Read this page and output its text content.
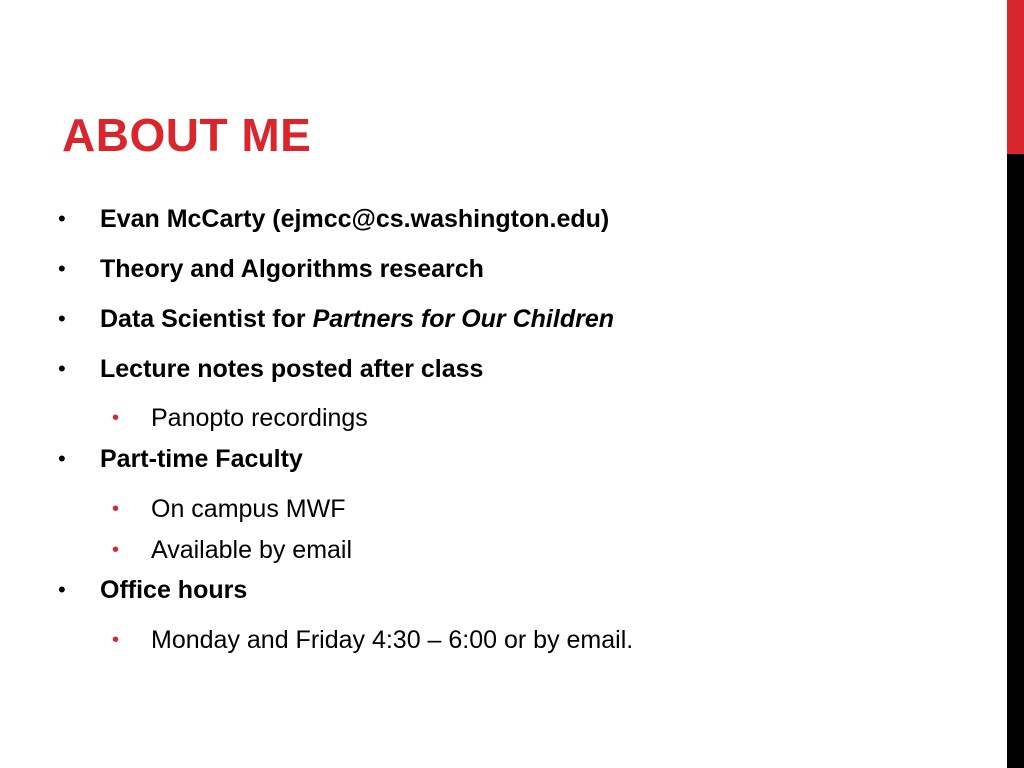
ABOUT ME
• Evan McCarty (ejmcc@cs.washington.edu)
• Theory and Algorithms research
• Data Scientist for Partners for Our Children
• Lecture notes posted after class
• Panopto recordings
• Part-time Faculty
• On campus MWF
• Available by email
• Office hours
• Monday and Friday 4:30 – 6:00 or by email.
